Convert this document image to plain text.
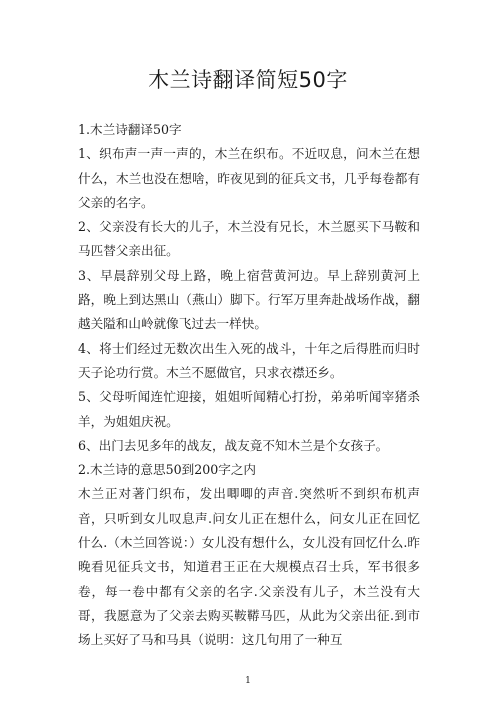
木兰诗翻译简短50字

1.木兰诗翻译50字

1、织布声一声一声的，木兰在织布。不近叹息，问木兰在想什么，木兰也没在想啥，昨夜见到的征兵文书，几乎每卷都有父亲的名字。

2、父亲没有长大的儿子，木兰没有兄长，木兰愿买下马鞍和马匹替父亲出征。

3、早晨辞别父母上路，晚上宿营黄河边。早上辞别黄河上路，晚上到达黑山（燕山）脚下。行军万里奔赴战场作战，翻越关隘和山岭就像飞过去一样快。

4、将士们经过无数次出生入死的战斗，十年之后得胜而归时天子论功行赏。木兰不愿做官，只求衣襟还乡。

5、父母听闻连忙迎接，姐姐听闻精心打扮，弟弟听闻宰猪杀羊，为姐姐庆祝。

6、出门去见多年的战友，战友竟不知木兰是个女孩子。

2.木兰诗的意思50到200字之内

木兰正对著门织布，发出唧唧的声音.突然听不到织布机声音，只听到女儿叹息声.问女儿正在想什么，问女儿正在回忆什么.（木兰回答说：）女儿没有想什么，女儿没有回忆什么.昨晚看见征兵文书，知道君王正在大规模点召士兵，军书很多卷，每一卷中都有父亲的名字.父亲没有儿子，木兰没有大哥，我愿意为了父亲去购买鞍鞯马匹，从此为父亲出征.到市场上买好了马和马具（说明：这几句用了一种互

1
